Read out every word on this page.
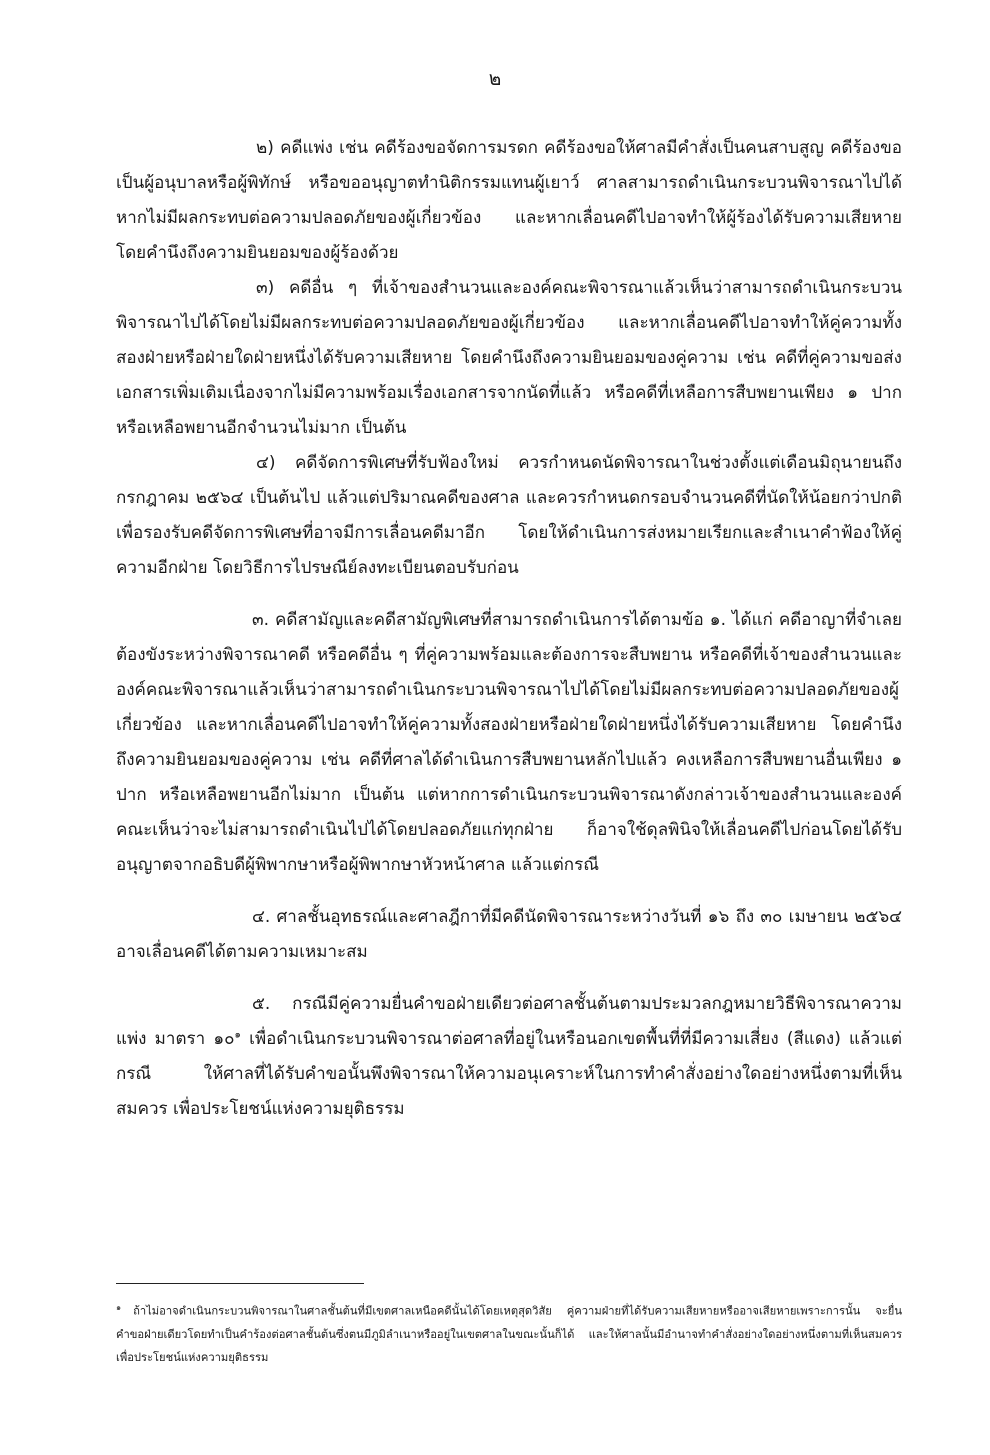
๒

๒) คดีแพ่ง เช่น คดีร้องขอจัดการมรดก คดีร้องขอให้ศาลมีคำสั่งเป็นคนสาบสูญ คดีร้องขอเป็นผู้อนุบาลหรือผู้พิทักษ์ หรือขออนุญาตทำนิติกรรมแทนผู้เยาว์ ศาลสามารถดำเนินกระบวนพิจารณาไปได้หากไม่มีผลกระทบต่อความปลอดภัยของผู้เกี่ยวข้อง และหากเลื่อนคดีไปอาจทำให้ผู้ร้องได้รับความเสียหาย โดยคำนึงถึงความยินยอมของผู้ร้องด้วย

๓) คดีอื่น ๆ ที่เจ้าของสำนวนและองค์คณะพิจารณาแล้วเห็นว่าสามารถดำเนินกระบวนพิจารณาไปได้โดยไม่มีผลกระทบต่อความปลอดภัยของผู้เกี่ยวข้อง และหากเลื่อนคดีไปอาจทำให้คู่ความทั้งสองฝ่ายหรือฝ่ายใดฝ่ายหนึ่งได้รับความเสียหาย โดยคำนึงถึงความยินยอมของคู่ความ เช่น คดีที่คู่ความขอส่งเอกสารเพิ่มเติมเนื่องจากไม่มีความพร้อมเรื่องเอกสารจากนัดที่แล้ว หรือคดีที่เหลือการสืบพยานเพียง ๑ ปาก หรือเหลือพยานอีกจำนวนไม่มาก เป็นต้น

๔) คดีจัดการพิเศษที่รับฟ้องใหม่ ควรกำหนดนัดพิจารณาในช่วงตั้งแต่เดือนมิถุนายนถึงกรกฎาคม ๒๕๖๔ เป็นต้นไป แล้วแต่ปริมาณคดีของศาล และควรกำหนดกรอบจำนวนคดีที่นัดให้น้อยกว่าปกติเพื่อรองรับคดีจัดการพิเศษที่อาจมีการเลื่อนคดีมาอีก โดยให้ดำเนินการส่งหมายเรียกและสำเนาคำฟ้องให้คู่ความอีกฝ่าย โดยวิธีการไปรษณีย์ลงทะเบียนตอบรับก่อน

๓. คดีสามัญและคดีสามัญพิเศษที่สามารถดำเนินการได้ตามข้อ ๑. ได้แก่ คดีอาญาที่จำเลยต้องขังระหว่างพิจารณาคดี หรือคดีอื่น ๆ ที่คู่ความพร้อมและต้องการจะสืบพยาน หรือคดีที่เจ้าของสำนวนและองค์คณะพิจารณาแล้วเห็นว่าสามารถดำเนินกระบวนพิจารณาไปได้โดยไม่มีผลกระทบต่อความปลอดภัยของผู้เกี่ยวข้อง และหากเลื่อนคดีไปอาจทำให้คู่ความทั้งสองฝ่ายหรือฝ่ายใดฝ่ายหนึ่งได้รับความเสียหาย โดยคำนึงถึงความยินยอมของคู่ความ เช่น คดีที่ศาลได้ดำเนินการสืบพยานหลักไปแล้ว คงเหลือการสืบพยานอื่นเพียง ๑ ปาก หรือเหลือพยานอีกไม่มาก เป็นต้น แต่หากการดำเนินกระบวนพิจารณาดังกล่าวเจ้าของสำนวนและองค์คณะเห็นว่าจะไม่สามารถดำเนินไปได้โดยปลอดภัยแก่ทุกฝ่าย ก็อาจใช้ดุลพินิจให้เลื่อนคดีไปก่อนโดยได้รับอนุญาตจากอธิบดีผู้พิพากษาหรือผู้พิพากษาหัวหน้าศาล แล้วแต่กรณี

๔. ศาลชั้นอุทธรณ์และศาลฎีกาที่มีคดีนัดพิจารณาระหว่างวันที่ ๑๖ ถึง ๓๐ เมษายน ๒๕๖๔ อาจเลื่อนคดีได้ตามความเหมาะสม

๕. กรณีมีคู่ความยื่นคำขอฝ่ายเดียวต่อศาลชั้นต้นตามประมวลกฎหมายวิธีพิจารณาความแพ่ง มาตรา ๑๐$^๑$ เพื่อดำเนินกระบวนพิจารณาต่อศาลที่อยู่ในหรือนอกเขตพื้นที่ที่มีความเสี่ยง (สีแดง) แล้วแต่กรณี ให้ศาลที่ได้รับคำขอนั้นพึงพิจารณาให้ความอนุเคราะห์ในการทำคำสั่งอย่างใดอย่างหนึ่งตามที่เห็นสมควร เพื่อประโยชน์แห่งความยุติธรรม

$^๑$ ถ้าไม่อาจดำเนินกระบวนพิจารณาในศาลชั้นต้นที่มีเขตศาลเหนือคดีนั้นได้โดยเหตุสุดวิสัย คู่ความฝ่ายที่ได้รับความเสียหายหรืออาจเสียหายเพราะการนั้น จะยื่นคำขอฝ่ายเดียวโดยทำเป็นคำร้องต่อศาลชั้นต้นซึ่งตนมีภูมิลำเนาหรืออยู่ในเขตศาลในขณะนั้นก็ได้ และให้ศาลนั้นมีอำนาจทำคำสั่งอย่างใดอย่างหนึ่งตามที่เห็นสมควร เพื่อประโยชน์แห่งความยุติธรรม
